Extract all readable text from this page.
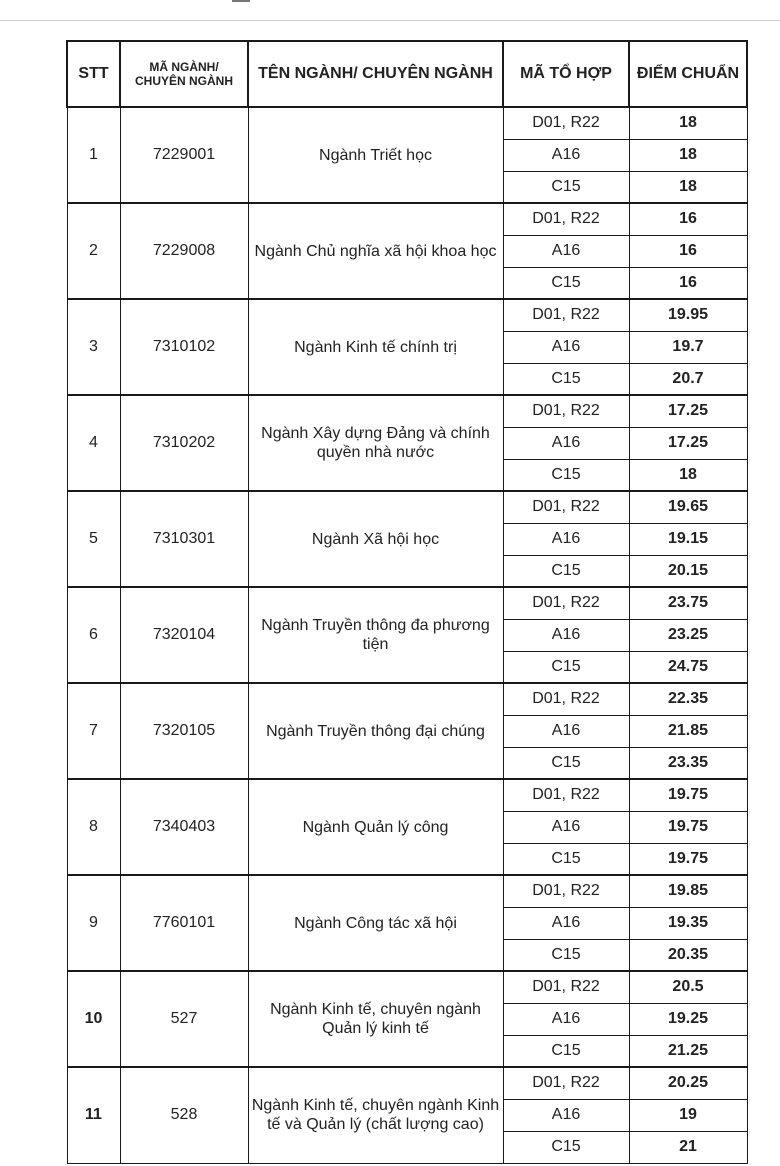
STT	MÃ NGÀNH/ CHUYÊN NGÀNH	TÊN NGÀNH/ CHUYÊN NGÀNH	MÃ TỔ HỢP	ĐIỂM CHUẨN
1	7229001	Ngành Triết học	D01, R22	18
			A16	18
			C15	18
2	7229008	Ngành Chủ nghĩa xã hội khoa học	D01, R22	16
			A16	16
			C15	16
3	7310102	Ngành Kinh tế chính trị	D01, R22	19.95
			A16	19.7
			C15	20.7
4	7310202	Ngành Xây dựng Đảng và chính quyền nhà nước	D01, R22	17.25
			A16	17.25
			C15	18
5	7310301	Ngành Xã hội học	D01, R22	19.65
			A16	19.15
			C15	20.15
6	7320104	Ngành Truyền thông đa phương tiện	D01, R22	23.75
			A16	23.25
			C15	24.75
7	7320105	Ngành Truyền thông đại chúng	D01, R22	22.35
			A16	21.85
			C15	23.35
8	7340403	Ngành Quản lý công	D01, R22	19.75
			A16	19.75
			C15	19.75
9	7760101	Ngành Công tác xã hội	D01, R22	19.85
			A16	19.35
			C15	20.35
10	527	Ngành Kinh tế, chuyên ngành Quản lý kinh tế	D01, R22	20.5
			A16	19.25
			C15	21.25
11	528	Ngành Kinh tế, chuyên ngành Kinh tế và Quản lý (chất lượng cao)	D01, R22	20.25
			A16	19
			C15	21
